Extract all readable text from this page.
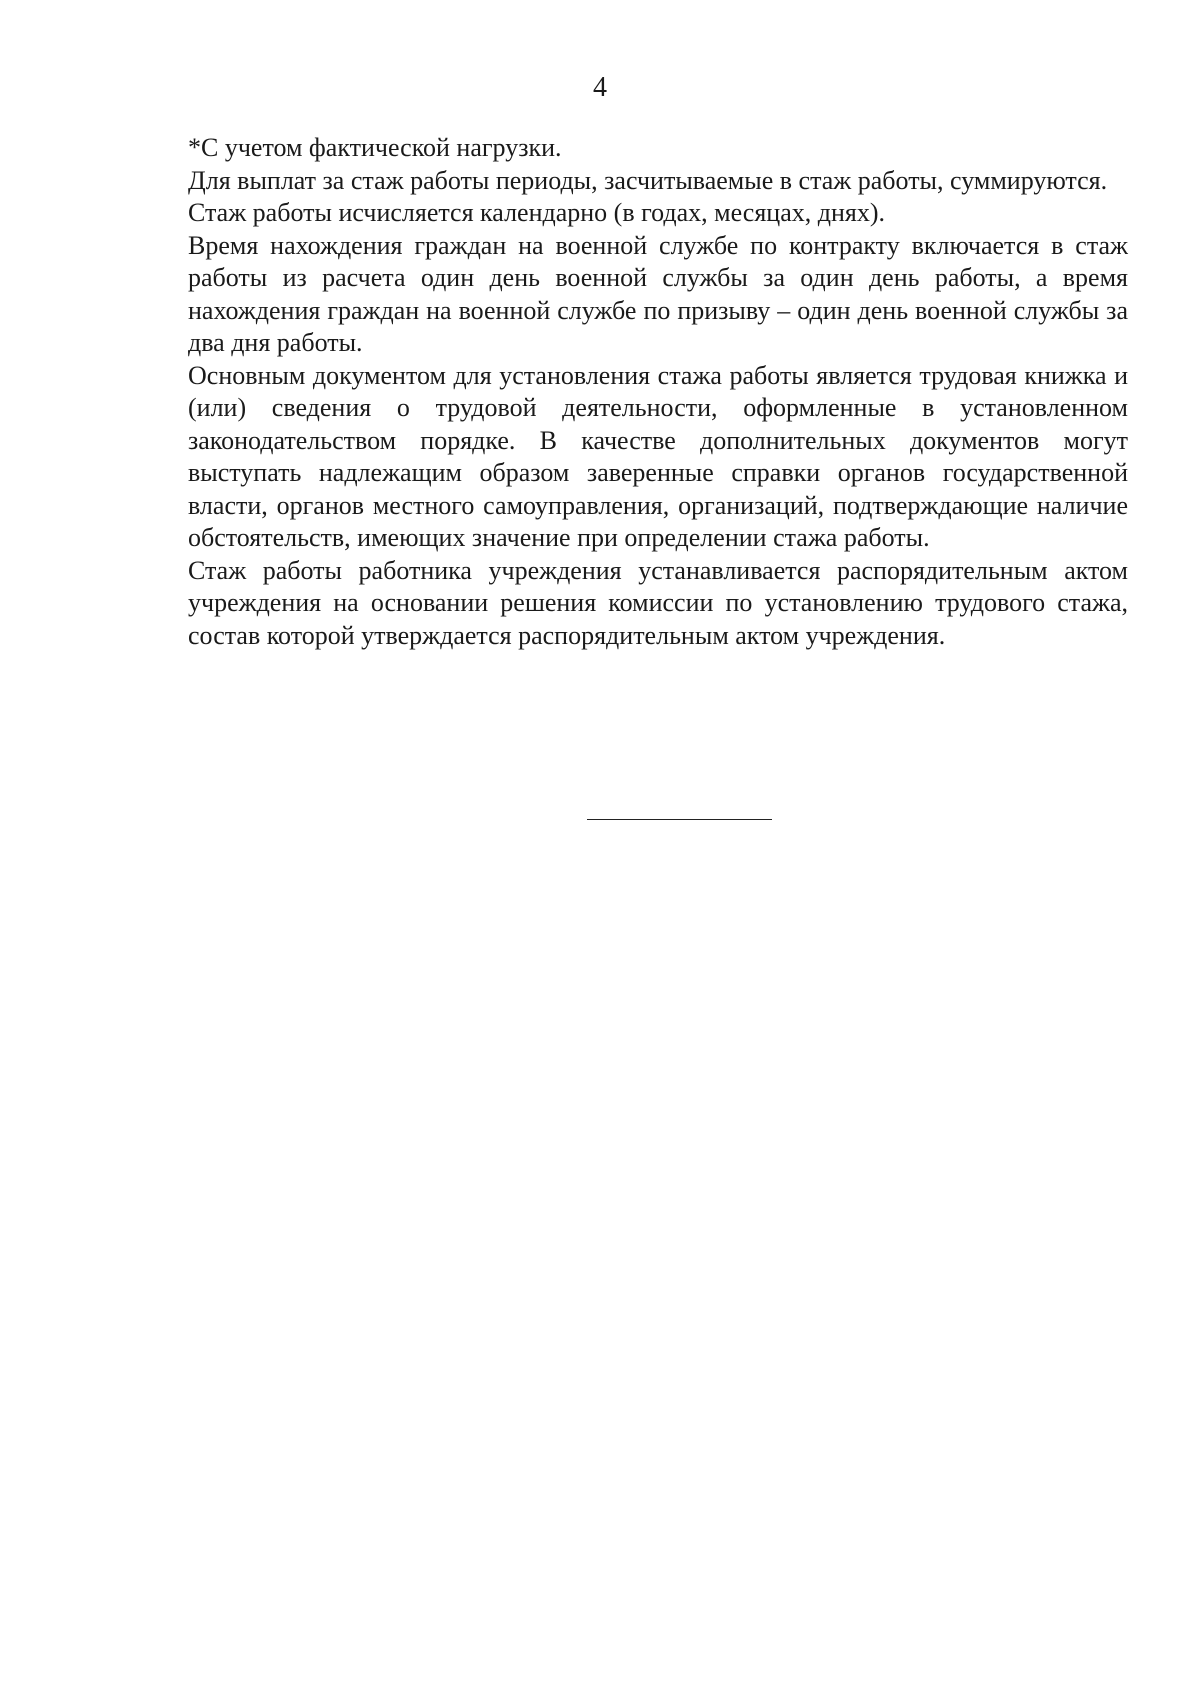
4

*С учетом фактической нагрузки.

Для выплат за стаж работы периоды, засчитываемые в стаж работы, суммируются.

Стаж работы исчисляется календарно (в годах, месяцах, днях).

Время нахождения граждан на военной службе по контракту включается в стаж работы из расчета один день военной службы за один день работы, а время нахождения граждан на военной службе по призыву – один день военной службы за два дня работы.

Основным документом для установления стажа работы является трудовая книжка и (или) сведения о трудовой деятельности, оформленные в установленном законодательством порядке. В качестве дополнительных документов могут выступать надлежащим образом заверенные справки органов государственной власти, органов местного самоуправления, организаций, подтверждающие наличие обстоятельств, имеющих значение при определении стажа работы.

Стаж работы работника учреждения устанавливается распорядительным актом учреждения на основании решения комиссии по установлению трудового стажа, состав которой утверждается распорядительным актом учреждения.
